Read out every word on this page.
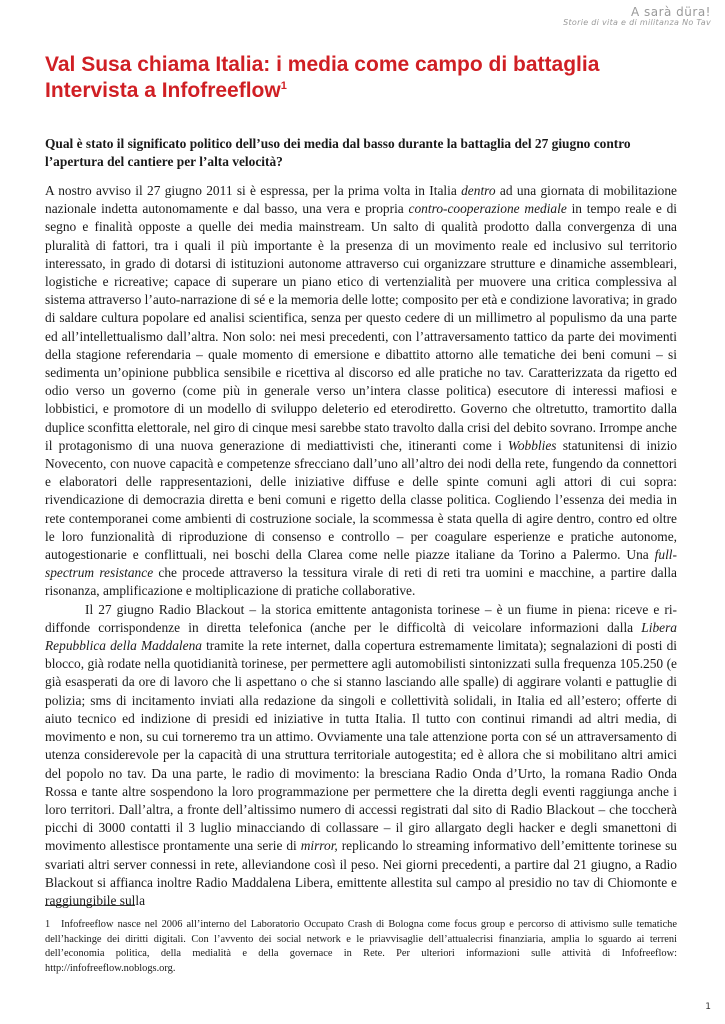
A sarà düra!
Storie di vita e di militanza No Tav
Val Susa chiama Italia: i media come campo di battaglia
Intervista a Infofreeflow$^1$

Qual è stato il significato politico dell’uso dei media dal basso durante la battaglia del 27 giugno contro l’apertura del cantiere per l’alta velocità?

A nostro avviso il 27 giugno 2011 si è espressa, per la prima volta in Italia dentro ad una giornata di mobilitazione nazionale indetta autonomamente e dal basso, una vera e propria contro-cooperazione mediale in tempo reale e di segno e finalità opposte a quelle dei media mainstream. Un salto di qualità prodotto dalla convergenza di una pluralità di fattori, tra i quali il più importante è la presenza di un movimento reale ed inclusivo sul territorio interessato, in grado di dotarsi di istituzioni autonome attraverso cui organizzare strutture e dinamiche assembleari, logistiche e ricreative; capace di superare un piano etico di vertenzialità per muovere una critica complessiva al sistema attraverso l’auto-narrazione di sé e la memoria delle lotte; composito per età e condizione lavorativa; in grado di saldare cultura popolare ed analisi scientifica, senza per questo cedere di un millimetro al populismo da una parte ed all’intellettualismo dall’altra. Non solo: nei mesi precedenti, con l’attraversamento tattico da parte dei movimenti della stagione referendaria – quale momento di emersione e dibattito attorno alle tematiche dei beni comuni – si sedimenta un’opinione pubblica sensibile e ricettiva al discorso ed alle pratiche no tav. Caratterizzata da rigetto ed odio verso un governo (come più in generale verso un’intera classe politica) esecutore di interessi mafiosi e lobbistici, e promotore di un modello di sviluppo deleterio ed eterodiretto. Governo che oltretutto, tramortito dalla duplice sconfitta elettorale, nel giro di cinque mesi sarebbe stato travolto dalla crisi del debito sovrano. Irrompe anche il protagonismo di una nuova generazione di mediattivisti che, itineranti come i Wobblies statunitensi di inizio Novecento, con nuove capacità e competenze sfrecciano dall’uno all’altro dei nodi della rete, fungendo da connettori e elaboratori delle rappresentazioni, delle iniziative diffuse e delle spinte comuni agli attori di cui sopra: rivendicazione di democrazia diretta e beni comuni e rigetto della classe politica. Cogliendo l’essenza dei media in rete contemporanei come ambienti di costruzione sociale, la scommessa è stata quella di agire dentro, contro ed oltre le loro funzionalità di riproduzione di consenso e controllo – per coagulare esperienze e pratiche autonome, autogestionarie e conflittuali, nei boschi della Clarea come nelle piazze italiane da Torino a Palermo. Una full-spectrum resistance che procede attraverso la tessitura virale di reti di reti tra uomini e macchine, a partire dalla risonanza, amplificazione e moltiplicazione di pratiche collaborative.

Il 27 giugno Radio Blackout – la storica emittente antagonista torinese – è un fiume in piena: riceve e ri-diffonde corrispondenze in diretta telefonica (anche per le difficoltà di veicolare informazioni dalla Libera Repubblica della Maddalena tramite la rete internet, dalla copertura estremamente limitata); segnalazioni di posti di blocco, già rodate nella quotidianità torinese, per permettere agli automobilisti sintonizzati sulla frequenza 105.250 (e già esasperati da ore di lavoro che li aspettano o che si stanno lasciando alle spalle) di aggirare volanti e pattuglie di polizia; sms di incitamento inviati alla redazione da singoli e collettività solidali, in Italia ed all’estero; offerte di aiuto tecnico ed indizione di presidi ed iniziative in tutta Italia. Il tutto con continui rimandi ad altri media, di movimento e non, su cui torneremo tra un attimo. Ovviamente una tale attenzione porta con sé un attraversamento di utenza considerevole per la capacità di una struttura territoriale autogestita; ed è allora che si mobilitano altri amici del popolo no tav. Da una parte, le radio di movimento: la bresciana Radio Onda d’Urto, la romana Radio Onda Rossa e tante altre sospendono la loro programmazione per permettere che la diretta degli eventi raggiunga anche i loro territori. Dall’altra, a fronte dell’altissimo numero di accessi registrati dal sito di Radio Blackout – che toccherà picchi di 3000 contatti il 3 luglio minacciando di collassare – il giro allargato degli hacker e degli smanettoni di movimento allestisce prontamente una serie di mirror, replicando lo streaming informativo dell’emittente torinese su svariati altri server connessi in rete, alleviandone così il peso. Nei giorni precedenti, a partire dal 21 giugno, a Radio Blackout si affianca inoltre Radio Maddalena Libera, emittente allestita sul campo al presidio no tav di Chiomonte e raggiungibile sulla

1 Infofreeflow nasce nel 2006 all’interno del Laboratorio Occupato Crash di Bologna come focus group e percorso di attivismo sulle tematiche dell’hackinge dei diritti digitali. Con l’avvento dei social network e le priavvisaglie dell’attualecrisi finanziaria, amplia lo sguardo ai terreni dell’economia politica, della medialità e della governace in Rete. Per ulteriori informazioni sulle attività di Infofreeflow: http://infofreeflow.noblogs.org.
1
